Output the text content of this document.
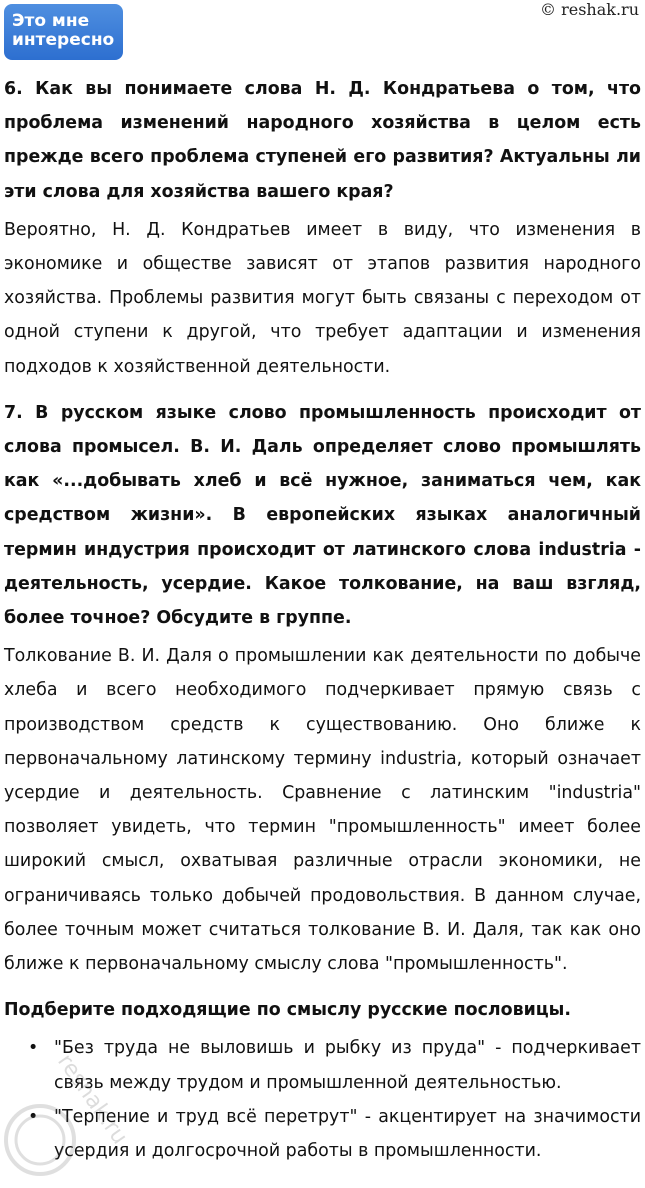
Это мне
интересно
© reshak.ru

6. Как вы понимаете слова Н. Д. Кондратьева о том, что проблема изменений народного хозяйства в целом есть прежде всего проблема ступеней его развития? Актуальны ли эти слова для хозяйства вашего края?

Вероятно, Н. Д. Кондратьев имеет в виду, что изменения в экономике и обществе зависят от этапов развития народного хозяйства. Проблемы развития могут быть связаны с переходом от одной ступени к другой, что требует адаптации и изменения подходов к хозяйственной деятельности.

7. В русском языке слово промышленность происходит от слова промысел. В. И. Даль определяет слово промышлять как «...добывать хлеб и всё нужное, заниматься чем, как средством жизни». В европейских языках аналогичный термин индустрия происходит от латинского слова industria - деятельность, усердие. Какое толкование, на ваш взгляд, более точное? Обсудите в группе.

Толкование В. И. Даля о промышлении как деятельности по добыче хлеба и всего необходимого подчеркивает прямую связь с производством средств к существованию. Оно ближе к первоначальному латинскому термину industria, который означает усердие и деятельность. Сравнение с латинским "industria" позволяет увидеть, что термин "промышленность" имеет более широкий смысл, охватывая различные отрасли экономики, не ограничиваясь только добычей продовольствия. В данном случае, более точным может считаться толкование В. И. Даля, так как оно ближе к первоначальному смыслу слова "промышленность".

Подберите подходящие по смыслу русские пословицы.

• "Без труда не выловишь и рыбку из пруда" - подчеркивает связь между трудом и промышленной деятельностью.
• "Терпение и труд всё перетрут" - акцентирует на значимости усердия и долгосрочной работы в промышленности.
reshak.ru
